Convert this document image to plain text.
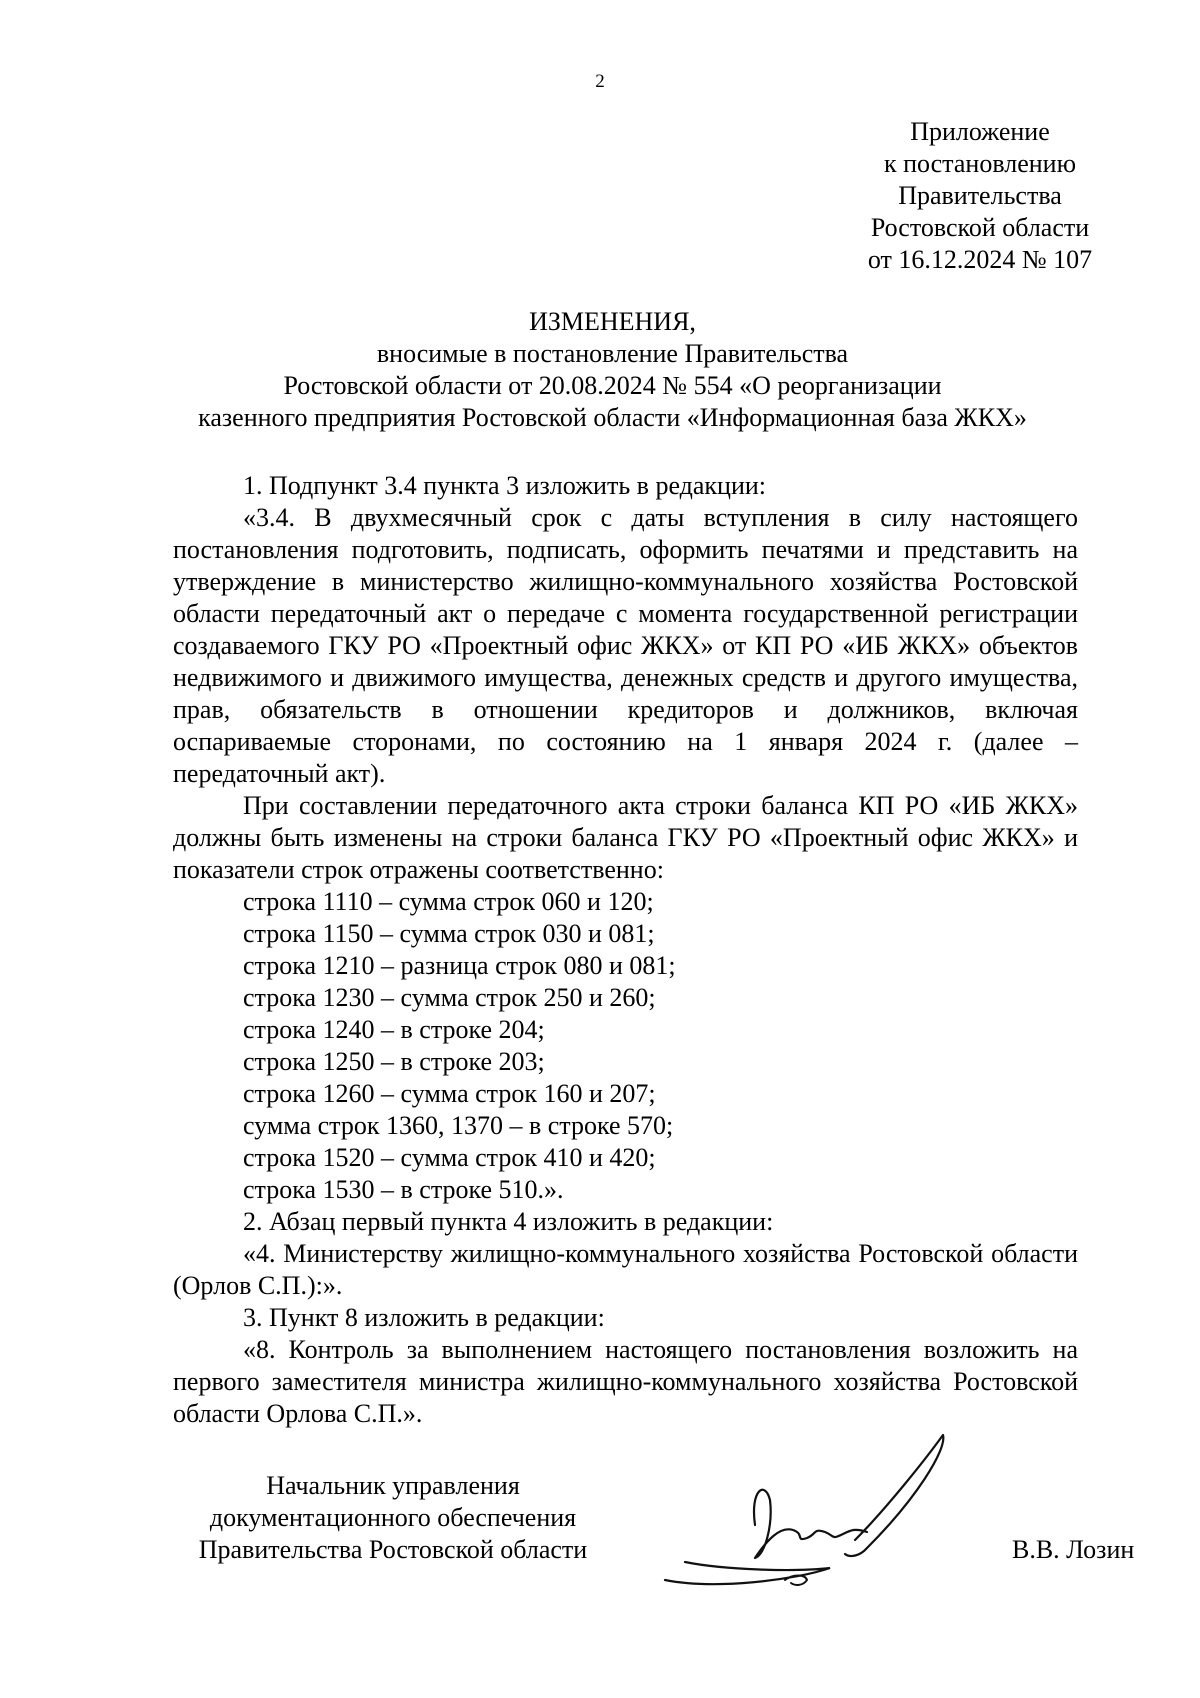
2
Приложение
к постановлению
Правительства
Ростовской области
от 16.12.2024 № 107
ИЗМЕНЕНИЯ,
вносимые в постановление Правительства
Ростовской области от 20.08.2024 № 554 «О реорганизации
казенного предприятия Ростовской области «Информационная база ЖКХ»

1. Подпункт 3.4 пункта 3 изложить в редакции:

«3.4. В двухмесячный срок с даты вступления в силу настоящего постановления подготовить, подписать, оформить печатями и представить на утверждение в министерство жилищно-коммунального хозяйства Ростовской области передаточный акт о передаче с момента государственной регистрации создаваемого ГКУ РО «Проектный офис ЖКХ» от КП РО «ИБ ЖКХ» объектов недвижимого и движимого имущества, денежных средств и другого имущества, прав, обязательств в отношении кредиторов и должников, включая оспариваемые сторонами, по состоянию на 1 января 2024 г. (далее – передаточный акт).

При составлении передаточного акта строки баланса КП РО «ИБ ЖКХ» должны быть изменены на строки баланса ГКУ РО «Проектный офис ЖКХ» и показатели строк отражены соответственно:

строка 1110 – сумма строк 060 и 120;

строка 1150 – сумма строк 030 и 081;

строка 1210 – разница строк 080 и 081;

строка 1230 – сумма строк 250 и 260;

строка 1240 – в строке 204;

строка 1250 – в строке 203;

строка 1260 – сумма строк 160 и 207;

сумма строк 1360, 1370 – в строке 570;

строка 1520 – сумма строк 410 и 420;

строка 1530 – в строке 510.».

2. Абзац первый пункта 4 изложить в редакции:

«4. Министерству жилищно-коммунального хозяйства Ростовской области (Орлов С.П.):».

3. Пункт 8 изложить в редакции:

«8. Контроль за выполнением настоящего постановления возложить на первого заместителя министра жилищно-коммунального хозяйства Ростовской области Орлова С.П.».

Начальник управления
документационного обеспечения
Правительства Ростовской области	В.В. Лозин
